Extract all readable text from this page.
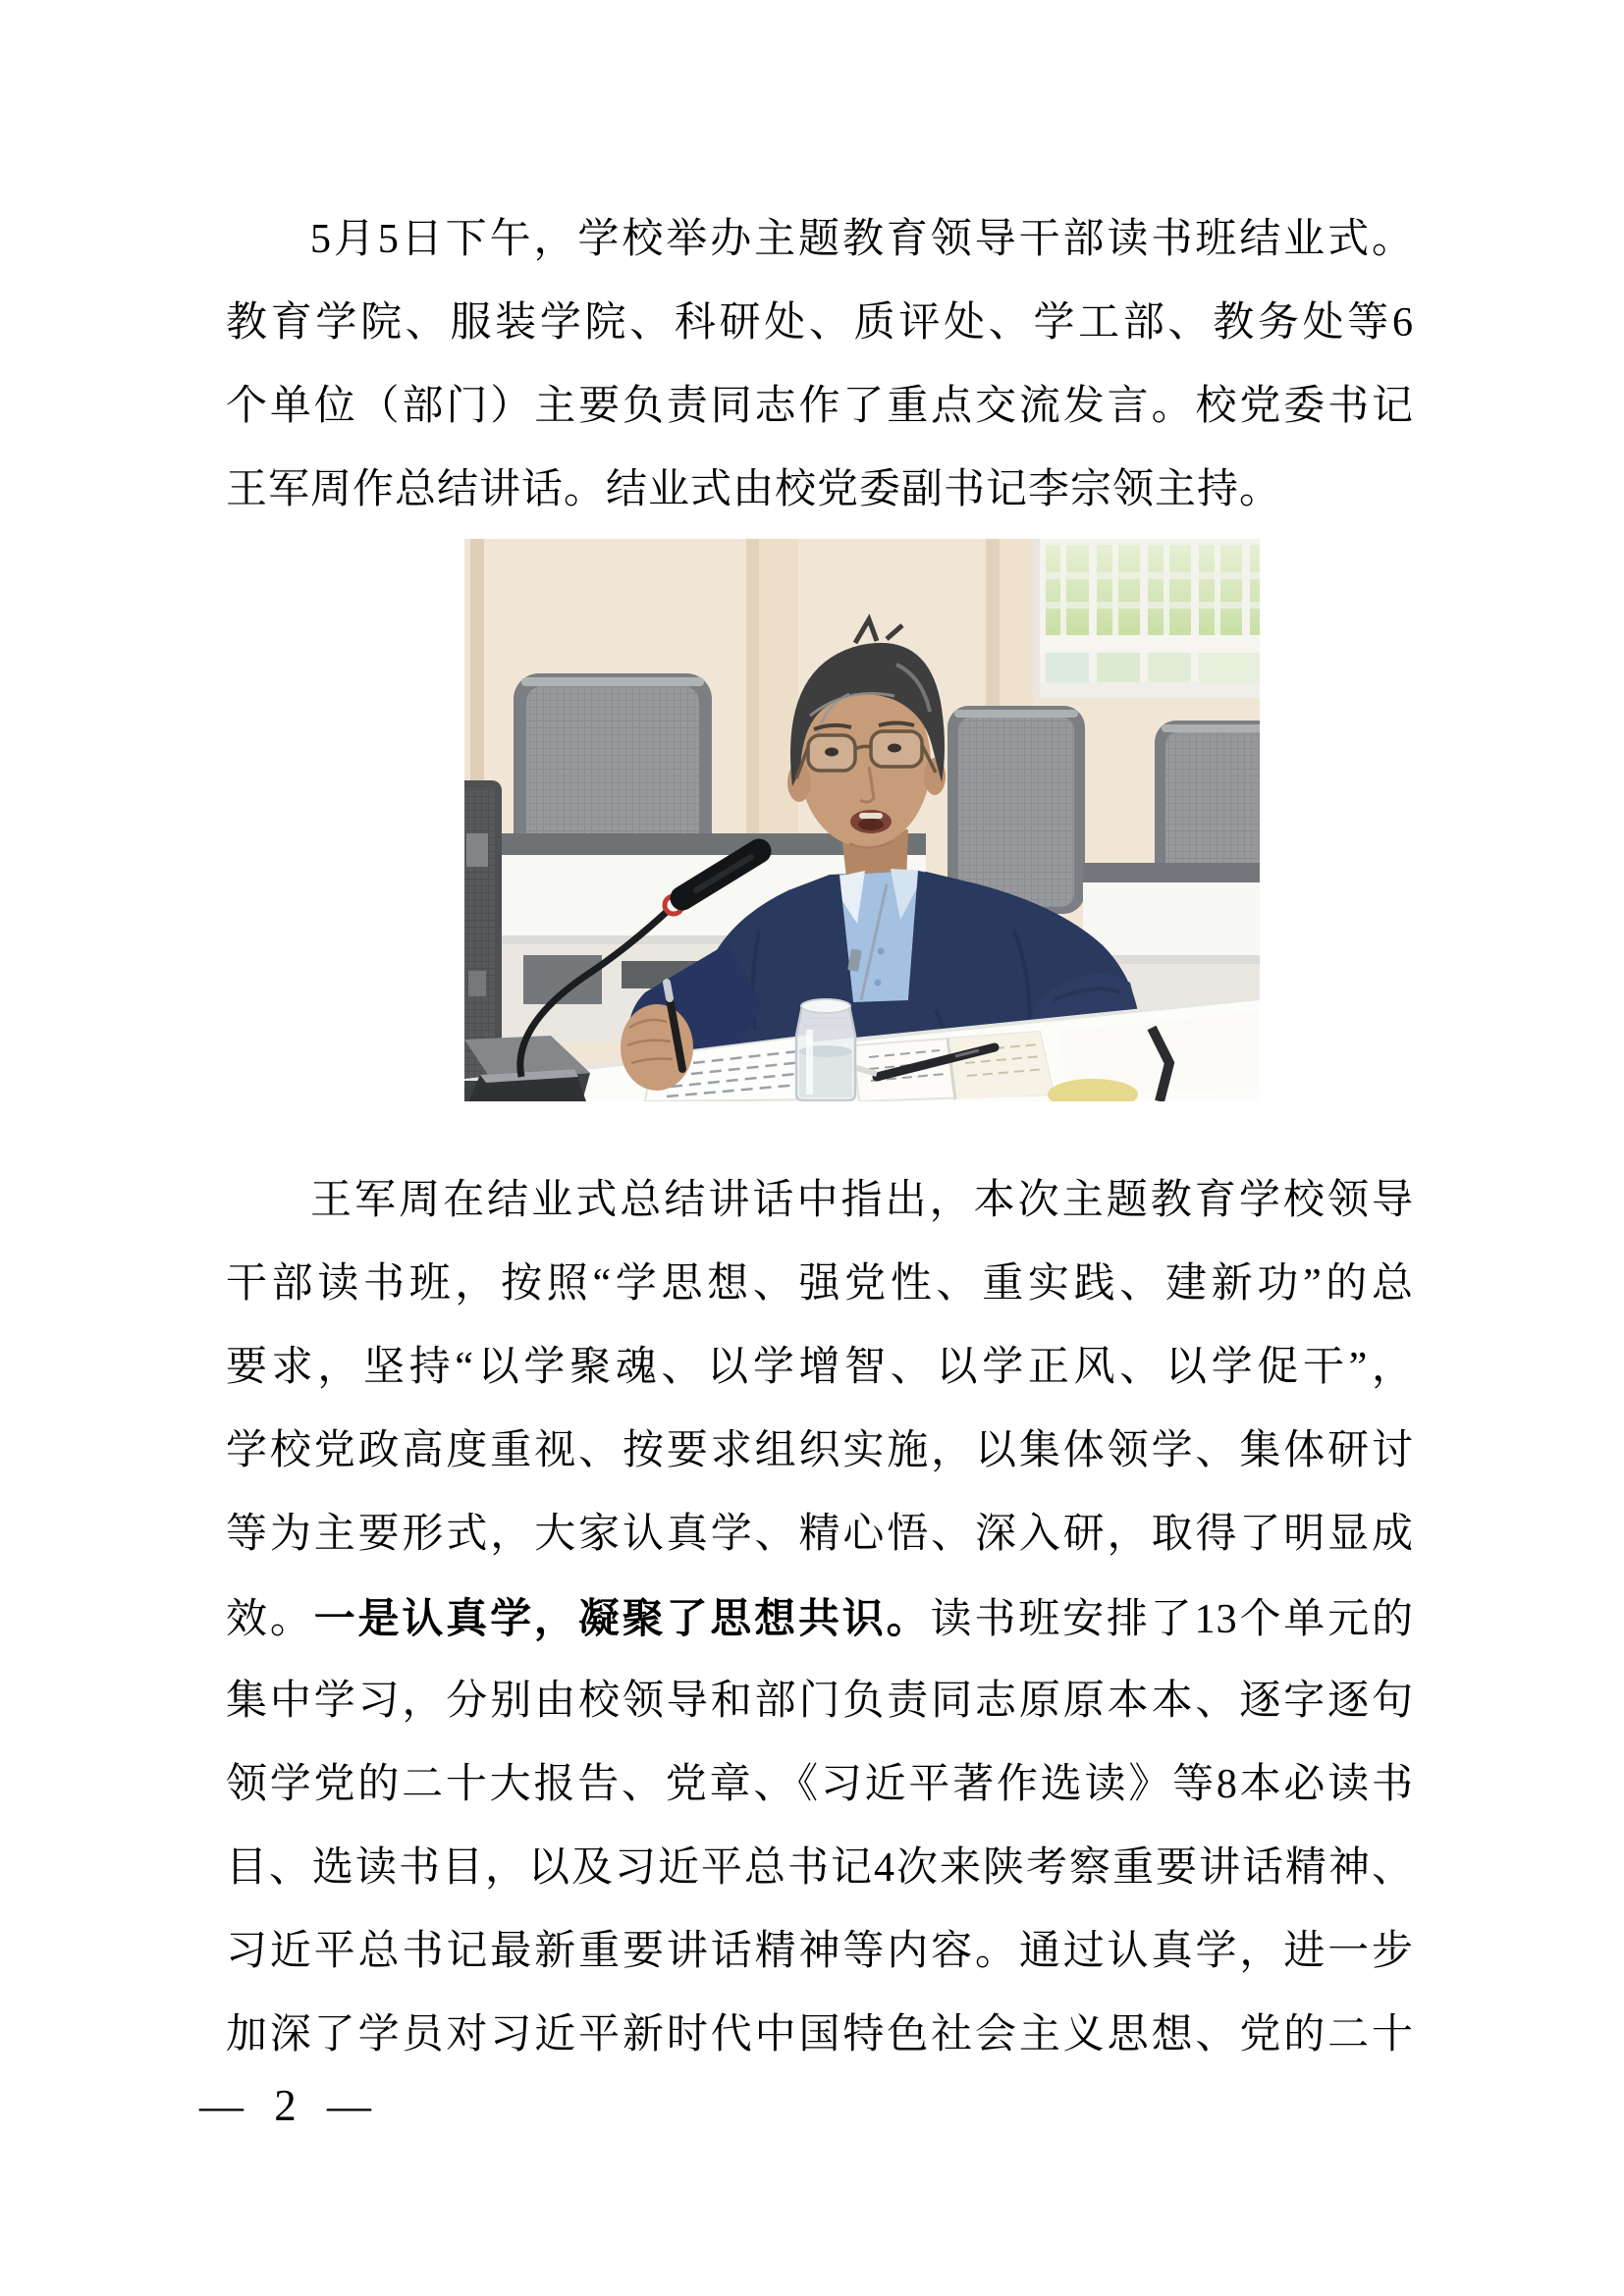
5月5日下午，学校举办主题教育领导干部读书班结业式。
教育学院、服装学院、科研处、质评处、学工部、教务处等6
个单位（部门）主要负责同志作了重点交流发言。校党委书记
王军周作总结讲话。结业式由校党委副书记李宗领主持。
王军周在结业式总结讲话中指出，本次主题教育学校领导
干部读书班，按照“学思想、强党性、重实践、建新功”的总
要求，坚持“以学聚魂、以学增智、以学正风、以学促干”，
学校党政高度重视、按要求组织实施，以集体领学、集体研讨
等为主要形式，大家认真学、精心悟、深入研，取得了明显成
效。一是认真学，凝聚了思想共识。读书班安排了13个单元的
集中学习，分别由校领导和部门负责同志原原本本、逐字逐句
领学党的二十大报告、党章、《习近平著作选读》等8本必读书
目、选读书目，以及习近平总书记4次来陕考察重要讲话精神、
习近平总书记最新重要讲话精神等内容。通过认真学，进一步
加深了学员对习近平新时代中国特色社会主义思想、党的二十
— 2 —
